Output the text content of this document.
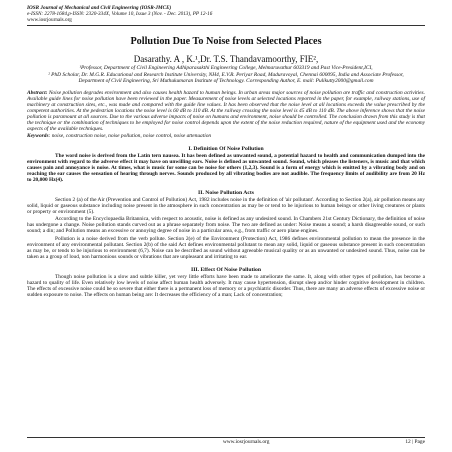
IOSR Journal of Mechanical and Civil Engineering (IOSR-JMCE)
e-ISSN: 2278-1684,p-ISSN: 2320-334X, Volume 10, Issue 3 (Nov. - Dec. 2013), PP 12-16
www.iosrjournals.org
Pollution Due To Noise from Selected Places
Dasarathy. A , K.¹,Dr. T.S. Thandavamoorthy, FIE²,
¹Professor, Department of Civil Engineering Adhiparasakthi Engineering College, Melmaruvathur 603319 and Past Vice-President,ICI,
² PhD Scholar, Dr. M.G.R. Educational and Research Institute University, NH4, E.V.R. Periyar Road, Maduravoyal, Chennai 600095, India and Associate Professor, Department of Civil Engineering, Sri Muthukumaran Institute of Technology. Corresponding Author, E. mail: Pulikutty2000@gmail.com
Abstract: Noise pollution degrades environment and also causes health hazard to human beings. In urban areas major sources of noise pollution are traffic and construction activities. Available guide lines for noise pollution have been reviewed in the paper. Measurement of noise levels at selected locations reported in the paper, for example, railway stations, use of machinery at construction sites, etc., was made and compared with the guide line values. It has been observed that the noise level at all locations exceeds the value prescribed by the competent authorities. At the pedestrian locations the noise level is 60 dB to 110 dB. At the railway crossing the noise level is 45 dB to 110 dB. The above inference shows that the noise pollution is paramount at all sources. Due to the various adverse impacts of noise on humans and environment, noise should be controlled. The conclusion drawn from this study is that the technique or the combination of techniques to be employed for noise control depends upon the extent of the noise reduction required, nature of the equipment used and the economy aspects of the available techniques.
Keywords: noise, construction noise, noise pollution, noise control, noise attenuation
I. Definition Of Noise Pollution
The word noise is derived from the Latin tern nausea. It has been defined as unwanted sound, a potential hazard to health and communication dumped into the environment with regard to the adverse effect it may have on unwilling ears. Noise is defined as unwanted sound. Sound, which pleases the listeners, is music and that which causes pain and annoyance is noise. At times, what is music for some can be noise for others (1,2,3). Sound is a form of energy which is emitted by a vibrating body and on reaching the ear causes the sensation of hearing through nerves. Sounds produced by all vibrating bodies are not audible. The frequency limits of audibility are from 20 Hz to 20,000 Hz(4).
II. Noise Pollution Acts
Section 2 (a) of the Air (Prevention and Control of Pollution) Act, 1982 includes noise in the definition of 'air pollutant'. According to Section 2(a), air pollution means any solid, liquid or gaseous substance including noise present in the atmosphere in such concentration as may be or tend to be injurious to human beings or other living creatures or plants or property or environment (5).
According to the Encyclopaedia Britannica, with respect to acoustic, noise is defined as any undesired sound. In Chambers 21st Century Dictionary, the definition of noise has undergone a change. Noise pollution stands curved out as a phrase separately from noise. The two are defined as under: Noise means a sound; a harsh disagreeable sound, or such sound; a din; and Pollution means an excessive or annoying degree of noise in a particular area, e.g., from traffic or aero plane engines.
Pollution is a noise derived from the verb pollute. Section 2(e) of the Environment (Protection) Act, 1986 defines environmental pollution to mean the presence in the environment of any environmental pollutant. Section 2(b) of the said Act defines environmental pollutant to mean any solid, liquid or gaseous substance present in such concentration as may be, or tends to be injurious to environment (6,7). Noise can be described as sound without agreeable musical quality or as an unwanted or undesired sound. Thus, noise can be taken as a group of loud, non harmonious sounds or vibrations that are unpleasant and irritating to ear.
III. Effect Of Noise Pollution
Though noise pollution is a slow and subtle killer, yet very little efforts have been made to ameliorate the same. It, along with other types of pollution, has become a hazard to quality of life. Even relatively low levels of noise affect human health adversely. It may cause hypertension, disrupt sleep and/or hinder cognitive development in children. The effects of excessive noise could be so severe that either there is a permanent loss of memory or a psychiatric disorder. Thus, there are many an adverse effects of excessive noise or sudden exposure to noise. The effects on human being are: It decreases the efficiency of a man; Lack of concentration;
www.iosrjournals.org	12 | Page
